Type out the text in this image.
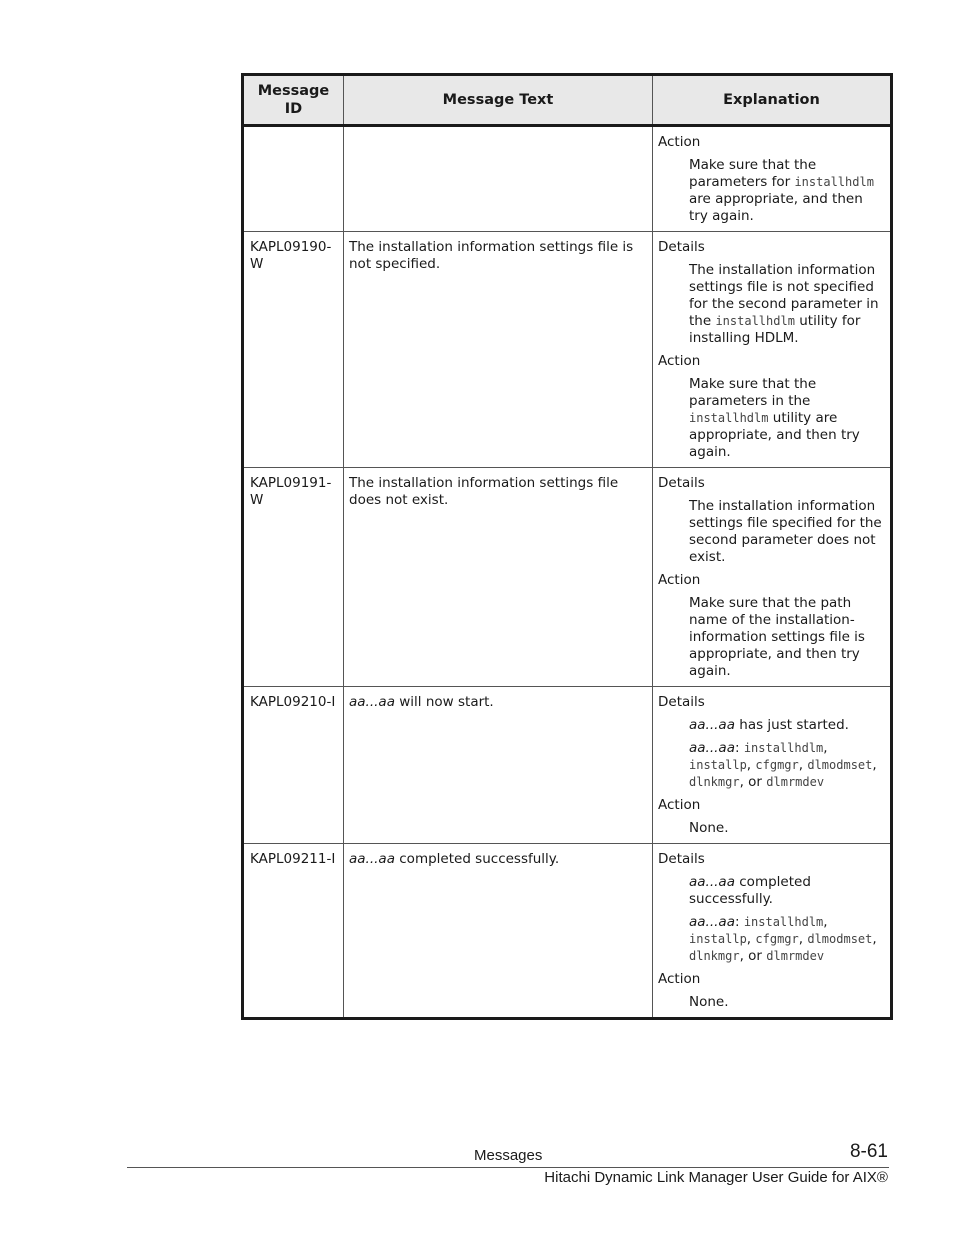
Message ID	Message Text	Explanation

		Action

Make sure that the parameters for installhdlm are appropriate, and then try again.

KAPL09190-W	The installation information settings file is not specified.	Details

The installation information settings file is not specified for the second parameter in the installhdlm utility for installing HDLM.

Action

Make sure that the parameters in the installhdlm utility are appropriate, and then try again.

KAPL09191-W	The installation information settings file does not exist.	Details

The installation information settings file specified for the second parameter does not exist.

Action

Make sure that the path name of the installation-information settings file is appropriate, and then try again.

KAPL09210-I	aa...aa will now start.	Details

aa...aa has just started.

aa...aa: installhdlm, installp, cfgmgr, dlmodmset, dlnkmgr, or dlmrmdev

Action

None.

KAPL09211-I	aa...aa completed successfully.	Details

aa...aa completed successfully.

aa...aa: installhdlm, installp, cfgmgr, dlmodmset, dlnkmgr, or dlmrmdev

Action

None.

Messages	8-61
Hitachi Dynamic Link Manager User Guide for AIX®
